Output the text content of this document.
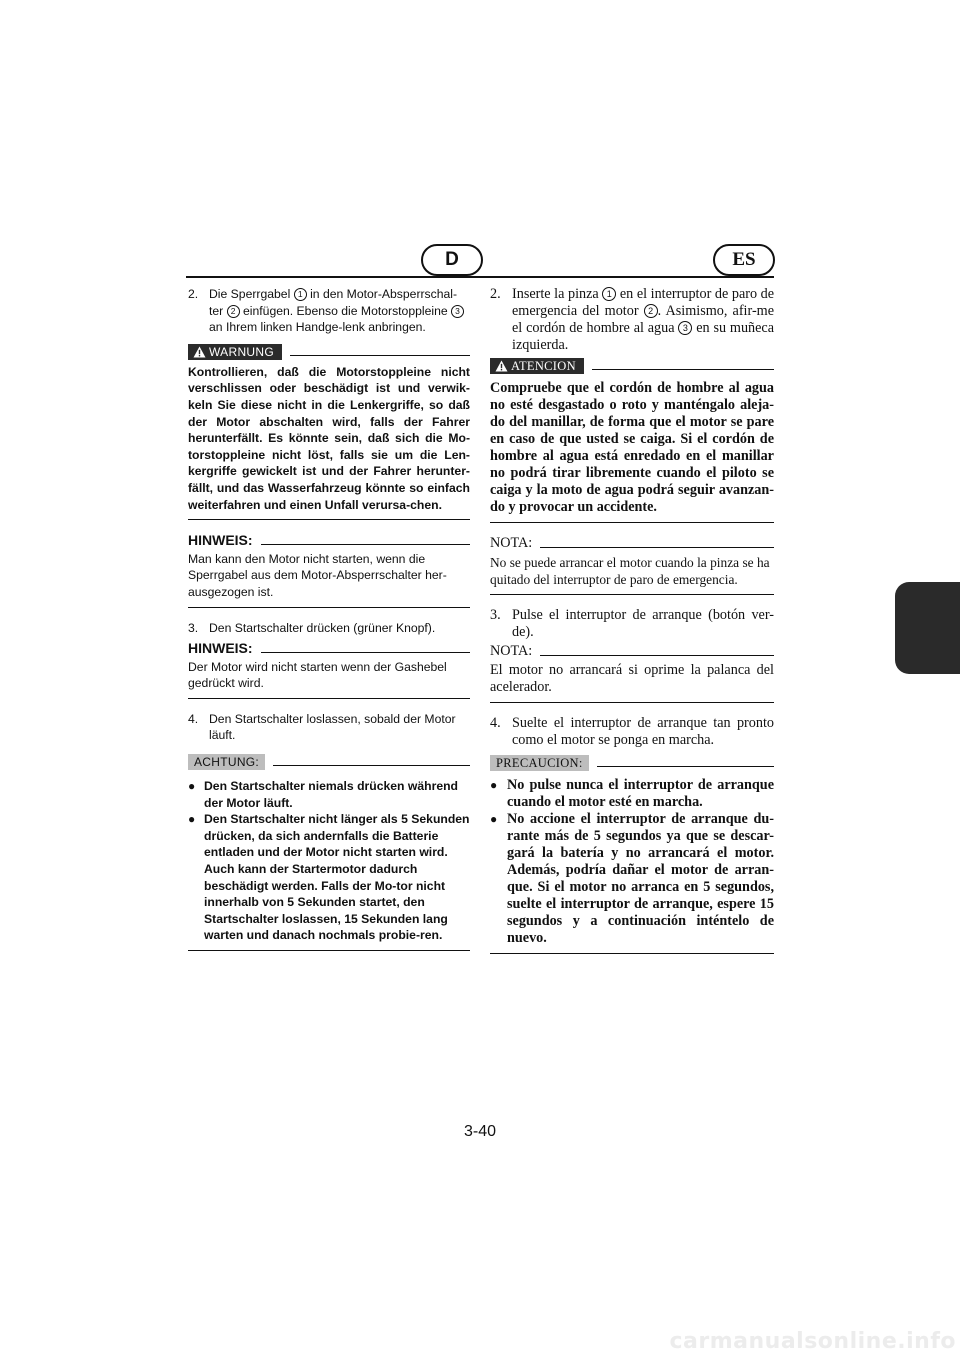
D	ES
2. Die Sperrgabel 1 in den Motor-Absperrschal-ter 2 einfügen. Ebenso die Motorstoppleine 3 an Ihrem linken Handge-lenk anbringen.
WARNUNG

Kontrollieren, daß die Motorstoppleine nicht verschlissen oder beschädigt ist und verwik-keln Sie diese nicht in die Lenkergriffe, so daß der Motor abschalten wird, falls der Fahrer herunterfällt. Es könnte sein, daß sich die Mo-torstoppleine nicht löst, falls sie um die Len-kergriffe gewickelt ist und der Fahrer herunter-fällt, und das Wasserfahrzeug könnte so einfach weiterfahren und einen Unfall verursa-chen.

HINWEIS:

Man kann den Motor nicht starten, wenn die Sperrgabel aus dem Motor-Absperrschalter her-ausgezogen ist.

3. Den Startschalter drücken (grüner Knopf).
HINWEIS:

Der Motor wird nicht starten wenn der Gashebel gedrückt wird.

4. Den Startschalter loslassen, sobald der Motor läuft.
ACHTUNG:
● Den Startschalter niemals drücken während der Motor läuft.
● Den Startschalter nicht länger als 5 Sekunden drücken, da sich andernfalls die Batterie entladen und der Motor nicht starten wird. Auch kann der Startermotor dadurch beschädigt werden. Falls der Mo-tor nicht innerhalb von 5 Sekunden startet, den Startschalter loslassen, 15 Sekunden lang warten und danach nochmals probie-ren.
2. Inserte la pinza 1 en el interruptor de paro de emergencia del motor 2 . Asimismo, afir-me el cordón de hombre al agua 3 en su muñeca izquierda.
ATENCION

Compruebe que el cordón de hombre al agua no esté desgastado o roto y manténgalo aleja-do del manillar, de forma que el motor se pare en caso de que usted se caiga. Si el cordón de hombre al agua está enredado en el manillar no podrá tirar libremente cuando el piloto se caiga y la moto de agua podrá seguir avanzan-do y provocar un accidente.

NOTA:

No se puede arrancar el motor cuando la pinza se ha quitado del interruptor de paro de emergencia.

3. Pulse el interruptor de arranque (botón ver-de).
NOTA:

El motor no arrancará si oprime la palanca del acelerador.

4. Suelte el interruptor de arranque tan pronto como el motor se ponga en marcha.
PRECAUCION:
● No pulse nunca el interruptor de arranque cuando el motor esté en marcha.
● No accione el interruptor de arranque du-rante más de 5 segundos ya que se descar-gará la batería y no arrancará el motor. Además, podría dañar el motor de arran-que. Si el motor no arranca en 5 segundos, suelte el interruptor de arranque, espere 15 segundos y a continuación inténtelo de nuevo.
3-40
carmanualsonline.info
